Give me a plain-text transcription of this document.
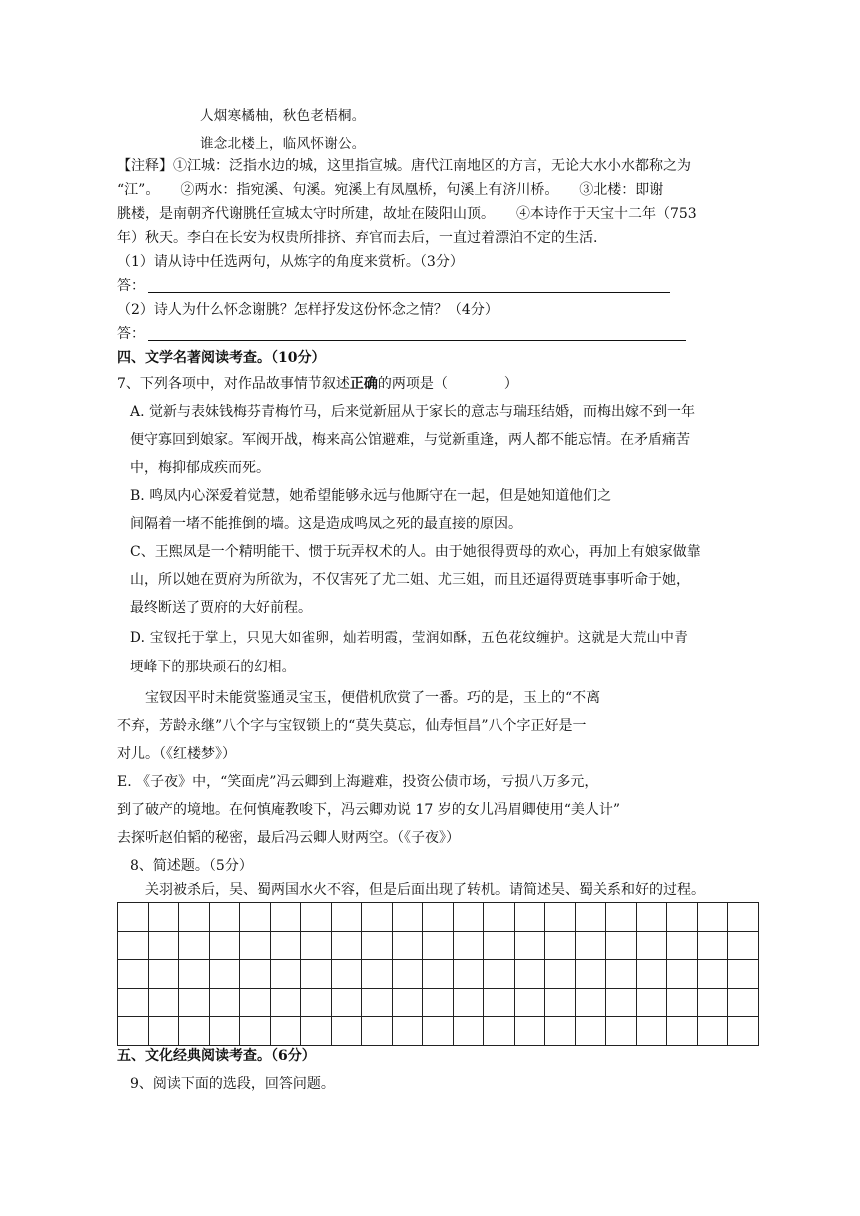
人烟寒橘柚，秋色老梧桐。
谁念北楼上，临风怀谢公。
【注释】①江城：泛指水边的城，这里指宣城。唐代江南地区的方言，无论大水小水都称之为
“江”。　　②两水：指宛溪、句溪。宛溪上有凤凰桥，句溪上有济川桥。　　③北楼：即谢
朓楼，是南朝齐代谢朓任宣城太守时所建，故址在陵阳山顶。　　④本诗作于天宝十二年（753
年）秋天。李白在长安为权贵所排挤、弃官而去后，一直过着漂泊不定的生活.
（1）请从诗中任选两句，从炼字的角度来赏析。（3分）
答：
（2）诗人为什么怀念谢朓？怎样抒发这份怀念之情？（4分）
答：
四、文学名著阅读考查。（10分）
7、下列各项中，对作品故事情节叙述正确的两项是（　　　　）
A. 觉新与表妹钱梅芬青梅竹马，后来觉新屈从于家长的意志与瑞珏结婚，而梅出嫁不到一年
便守寡回到娘家。军阀开战，梅来高公馆避难，与觉新重逢，两人都不能忘情。在矛盾痛苦
中，梅抑郁成疾而死。
B. 鸣凤内心深爱着觉慧，她希望能够永远与他厮守在一起，但是她知道他们之
间隔着一堵不能推倒的墙。这是造成鸣凤之死的最直接的原因。
C、王熙凤是一个精明能干、惯于玩弄权术的人。由于她很得贾母的欢心，再加上有娘家做靠
山，所以她在贾府为所欲为，不仅害死了尤二姐、尤三姐，而且还逼得贾琏事事听命于她，
最终断送了贾府的大好前程。
D. 宝钗托于掌上，只见大如雀卵，灿若明霞，莹润如酥，五色花纹缠护。这就是大荒山中青
埂峰下的那块顽石的幻相。
宝钗因平时未能赏鉴通灵宝玉，便借机欣赏了一番。巧的是，玉上的“不离
不弃，芳龄永继”八个字与宝钗锁上的“莫失莫忘，仙寿恒昌”八个字正好是一
对儿。（《红楼梦》）
E. 《子夜》中，“笑面虎”冯云卿到上海避难，投资公债市场，亏损八万多元，
到了破产的境地。在何慎庵教唆下，冯云卿劝说 17 岁的女儿冯眉卿使用“美人计”
去探听赵伯韬的秘密，最后冯云卿人财两空。（《子夜》）
8、简述题。（5分）
关羽被杀后，吴、蜀两国水火不容，但是后面出现了转机。请简述吴、蜀关系和好的过程。

五、文化经典阅读考查。（6分）
9、阅读下面的选段，回答问题。
